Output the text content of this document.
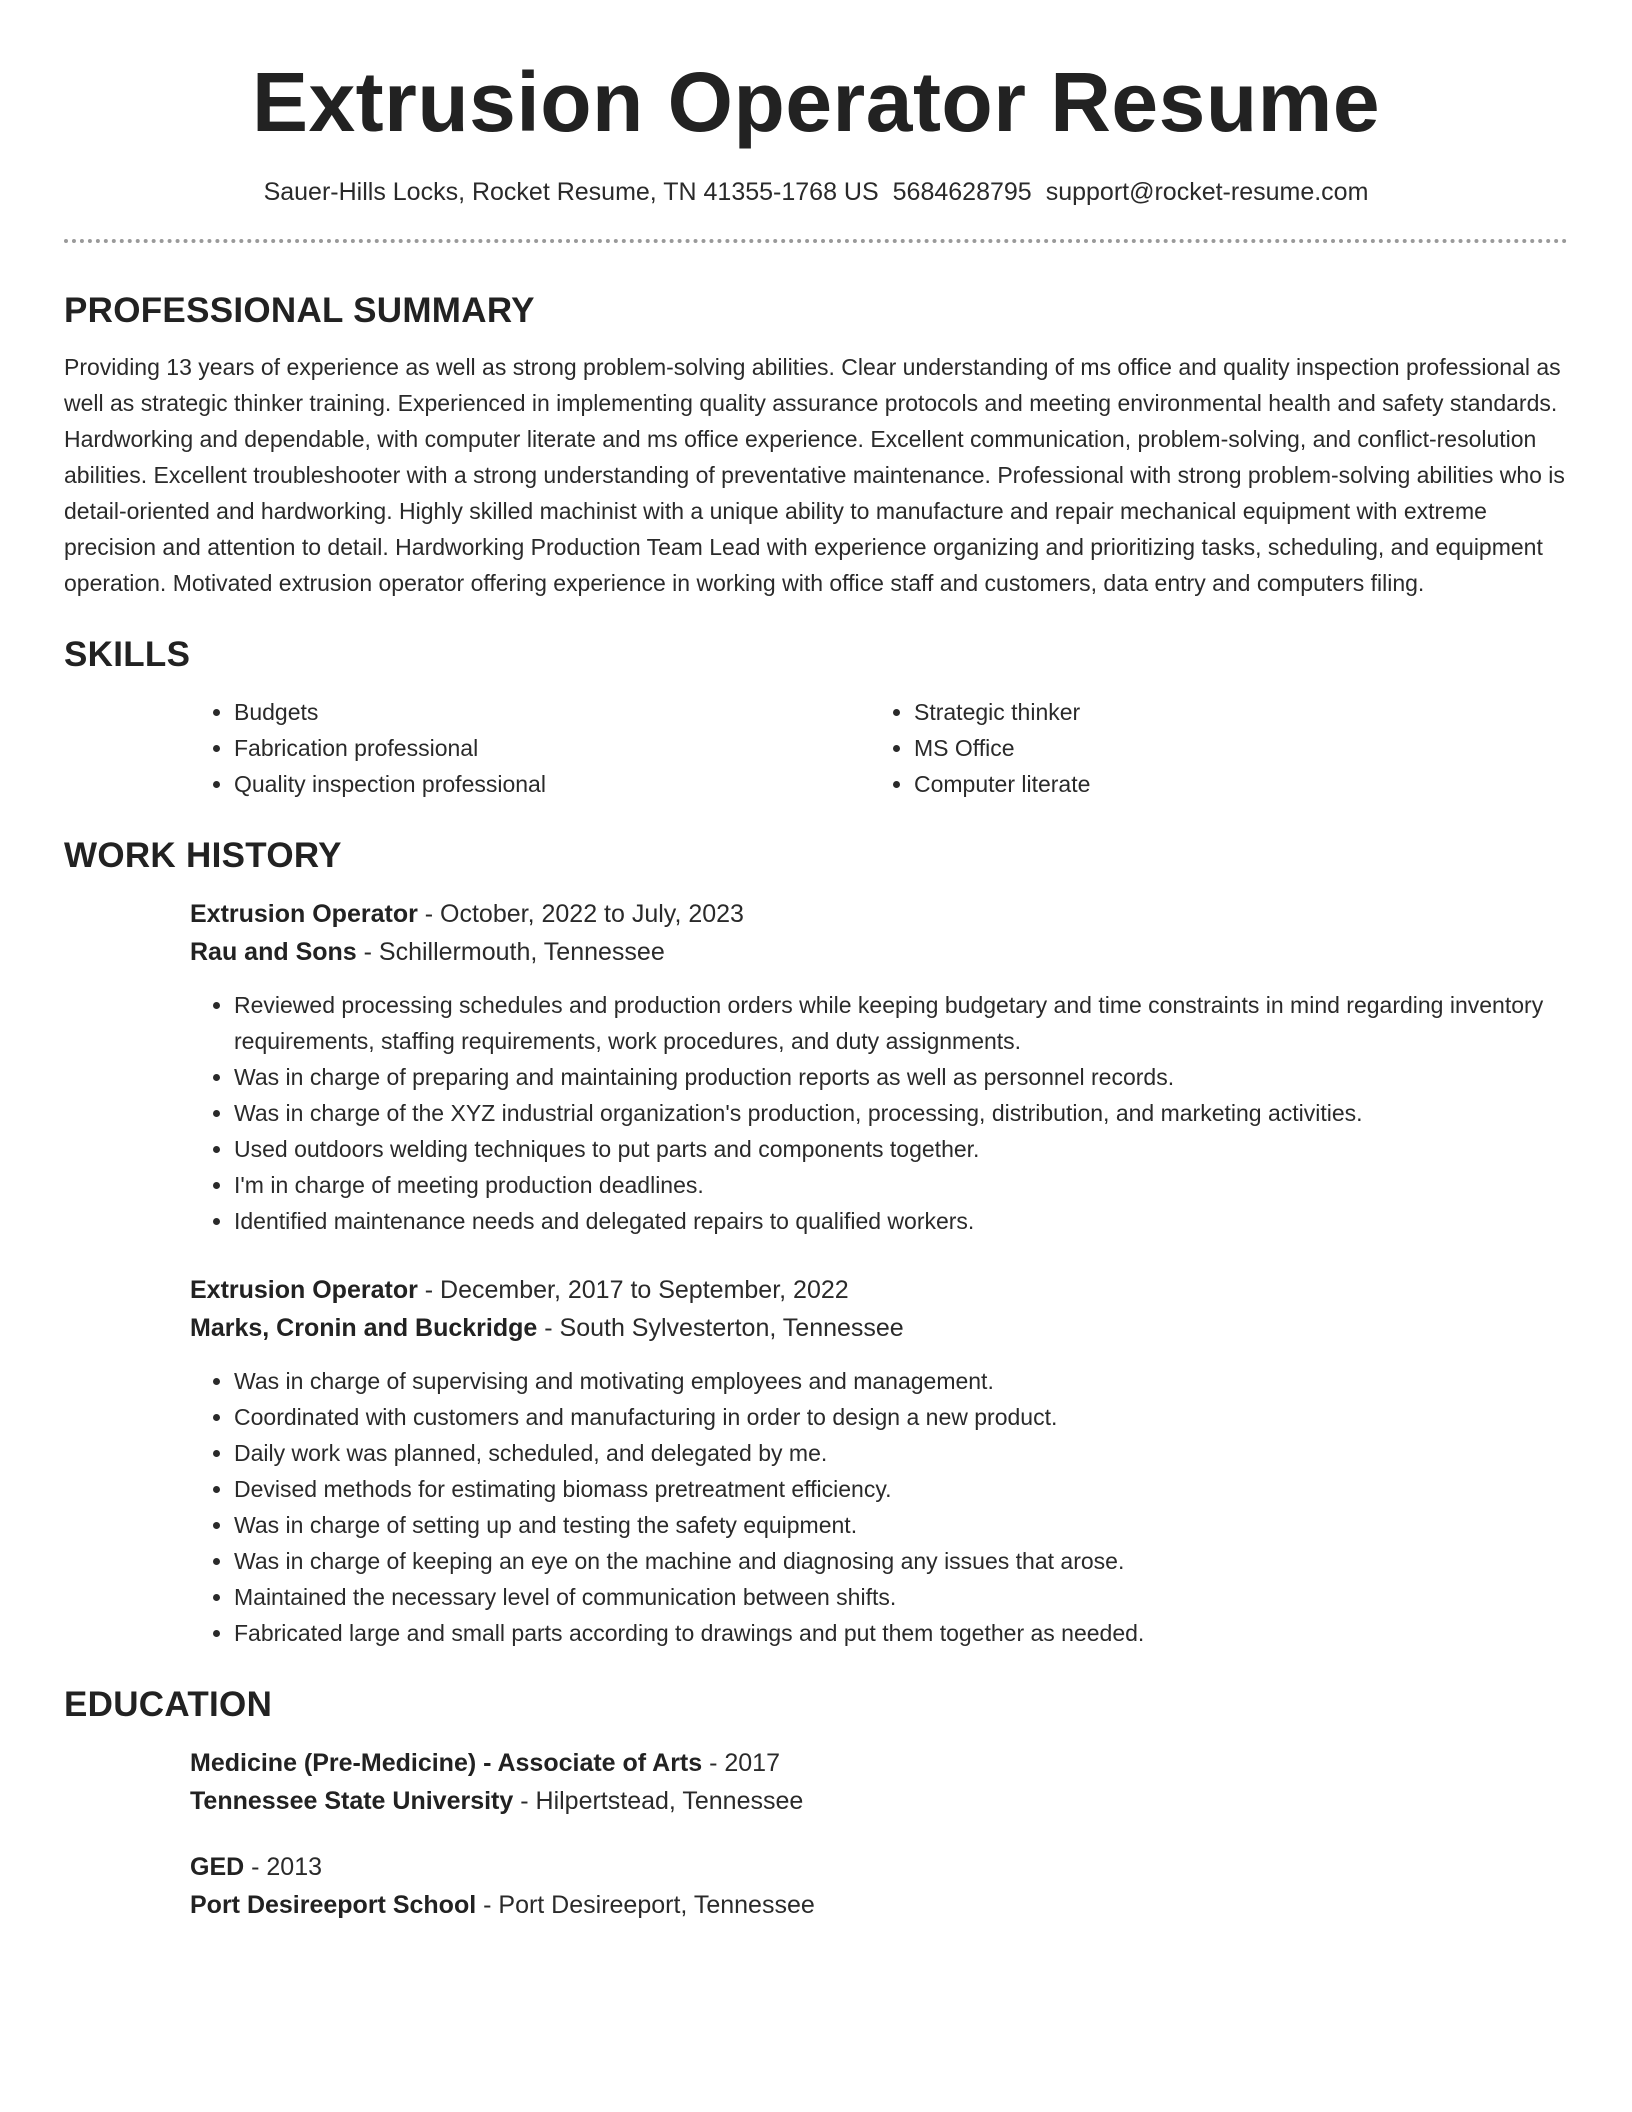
Extrusion Operator Resume
Sauer-Hills Locks, Rocket Resume, TN 41355-1768 US 5684628795 support@rocket-resume.com
PROFESSIONAL SUMMARY

Providing 13 years of experience as well as strong problem-solving abilities. Clear understanding of ms office and quality inspection professional as well as strategic thinker training. Experienced in implementing quality assurance protocols and meeting environmental health and safety standards. Hardworking and dependable, with computer literate and ms office experience. Excellent communication, problem-solving, and conflict-resolution abilities. Excellent troubleshooter with a strong understanding of preventative maintenance. Professional with strong problem-solving abilities who is detail-oriented and hardworking. Highly skilled machinist with a unique ability to manufacture and repair mechanical equipment with extreme precision and attention to detail. Hardworking Production Team Lead with experience organizing and prioritizing tasks, scheduling, and equipment operation. Motivated extrusion operator offering experience in working with office staff and customers, data entry and computers filing.

SKILLS
• Budgets
• Fabrication professional
• Quality inspection professional
• Strategic thinker
• MS Office
• Computer literate
WORK HISTORY
Extrusion Operator - October, 2022 to July, 2023
Rau and Sons - Schillermouth, Tennessee
• Reviewed processing schedules and production orders while keeping budgetary and time constraints in mind regarding inventory requirements, staffing requirements, work procedures, and duty assignments.
• Was in charge of preparing and maintaining production reports as well as personnel records.
• Was in charge of the XYZ industrial organization's production, processing, distribution, and marketing activities.
• Used outdoors welding techniques to put parts and components together.
• I'm in charge of meeting production deadlines.
• Identified maintenance needs and delegated repairs to qualified workers.
Extrusion Operator - December, 2017 to September, 2022
Marks, Cronin and Buckridge - South Sylvesterton, Tennessee
• Was in charge of supervising and motivating employees and management.
• Coordinated with customers and manufacturing in order to design a new product.
• Daily work was planned, scheduled, and delegated by me.
• Devised methods for estimating biomass pretreatment efficiency.
• Was in charge of setting up and testing the safety equipment.
• Was in charge of keeping an eye on the machine and diagnosing any issues that arose.
• Maintained the necessary level of communication between shifts.
• Fabricated large and small parts according to drawings and put them together as needed.
EDUCATION
Medicine (Pre-Medicine) - Associate of Arts - 2017
Tennessee State University - Hilpertstead, Tennessee
GED - 2013
Port Desireeport School - Port Desireeport, Tennessee
